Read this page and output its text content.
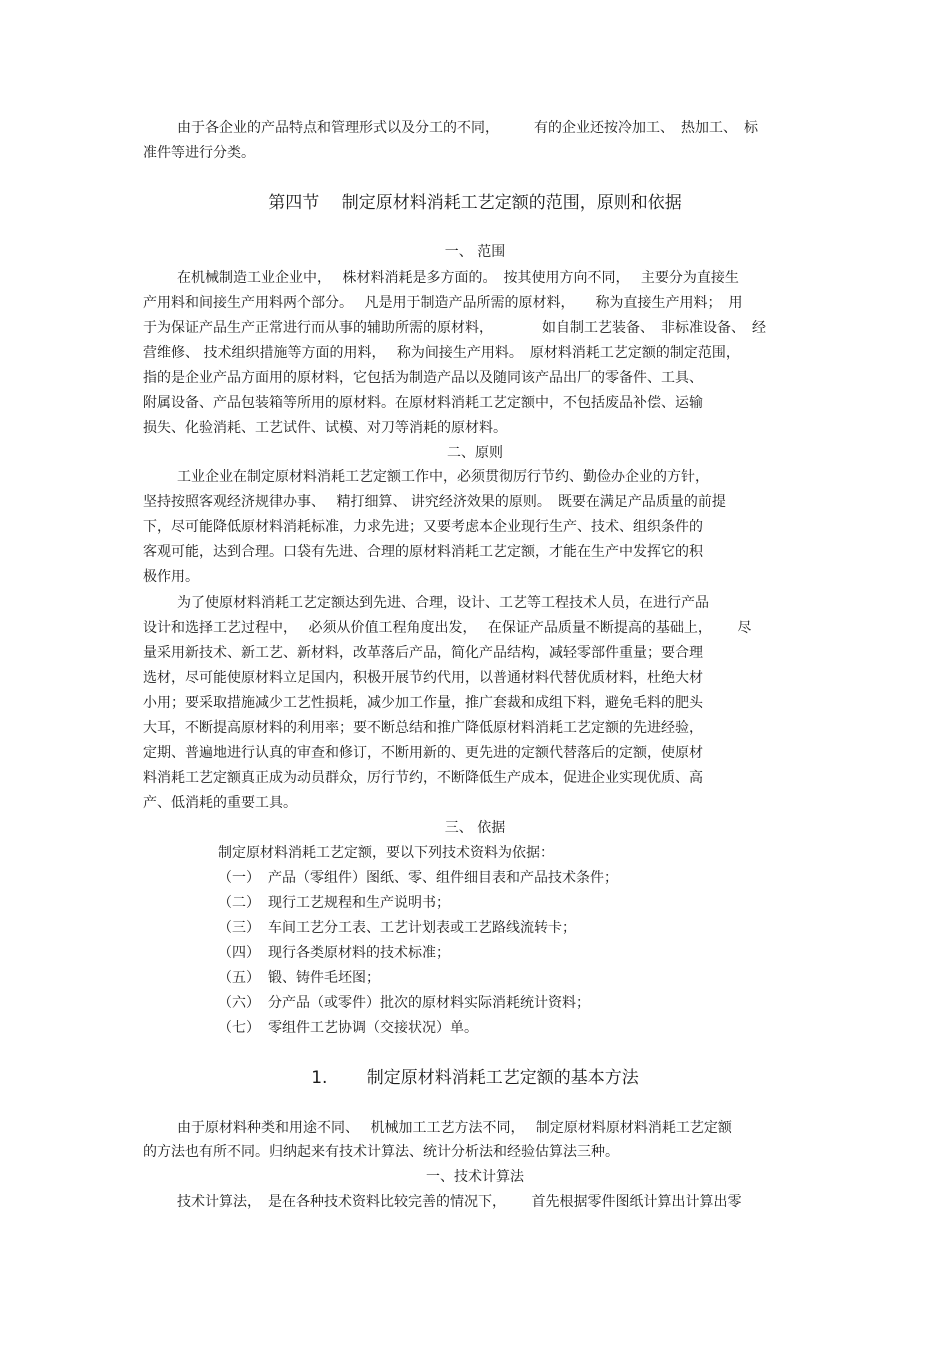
由于各企业的产品特点和管理形式以及分工的不同，　　　有的企业还按冷加工、　热加工、　标
准件等进行分类。
第四节　 制定原材料消耗工艺定额的范围，原则和依据
一、 范围
在机械制造工业企业中，　 株材料消耗是多方面的。　按其使用方向不同，　 主要分为直接生
产用料和间接生产用料两个部分。　 凡是用于制造产品所需的原材料，　　称为直接生产用料；　用
于为保证产品生产正常进行而从事的辅助所需的原材料，　　　　如自制工艺装备、　非标准设备、　经
营维修、 技术组织措施等方面的用料，　 称为间接生产用料。　原材料消耗工艺定额的制定范围，
指的是企业产品方面用的原材料，它包括为制造产品以及随同该产品出厂的零备件、工具、
附属设备、产品包装箱等所用的原材料。在原材料消耗工艺定额中，不包括废品补偿、运输
损失、化验消耗、工艺试件、试模、对刀等消耗的原材料。
二、原则
工业企业在制定原材料消耗工艺定额工作中，必须贯彻厉行节约、勤俭办企业的方针，
坚持按照客观经济规律办事、　 精打细算、 讲究经济效果的原则。　既要在满足产品质量的前提
下，尽可能降低原材料消耗标准，力求先进；又要考虑本企业现行生产、技术、组织条件的
客观可能，达到合理。口袋有先进、合理的原材料消耗工艺定额，才能在生产中发挥它的积
极作用。
为了使原材料消耗工艺定额达到先进、合理，设计、工艺等工程技术人员，在进行产品
设计和选择工艺过程中，　 必须从价值工程角度出发，　 在保证产品质量不断提高的基础上，　　 尽
量采用新技术、新工艺、新材料，改革落后产品，简化产品结构，减轻零部件重量；要合理
选材，尽可能使原材料立足国内，积极开展节约代用，以普通材料代替优质材料，杜绝大材
小用；要采取措施减少工艺性损耗，减少加工作量，推广套裁和成组下料，避免毛料的肥头
大耳，不断提高原材料的利用率；要不断总结和推广降低原材料消耗工艺定额的先进经验，
定期、普遍地进行认真的审查和修订，不断用新的、更先进的定额代替落后的定额，使原材
料消耗工艺定额真正成为动员群众，厉行节约，不断降低生产成本，促进企业实现优质、高
产、低消耗的重要工具。
三、 依据
制定原材料消耗工艺定额，要以下列技术资料为依据：
（一） 产品（零组件）图纸、零、组件细目表和产品技术条件；
（二） 现行工艺规程和生产说明书；
（三） 车间工艺分工表、工艺计划表或工艺路线流转卡；
（四） 现行各类原材料的技术标准；
（五） 锻、铸件毛坯图；
（六） 分产品（或零件）批次的原材料实际消耗统计资料；
（七） 零组件工艺协调（交接状况）单。
1.　　 制定原材料消耗工艺定额的基本方法
由于原材料种类和用途不同、　 机械加工工艺方法不同，　 制定原材料原材料消耗工艺定额
的方法也有所不同。归纳起来有技术计算法、统计分析法和经验估算法三种。
一、技术计算法
技术计算法，　是在各种技术资料比较完善的情况下，　　 首先根据零件图纸计算出计算出零
